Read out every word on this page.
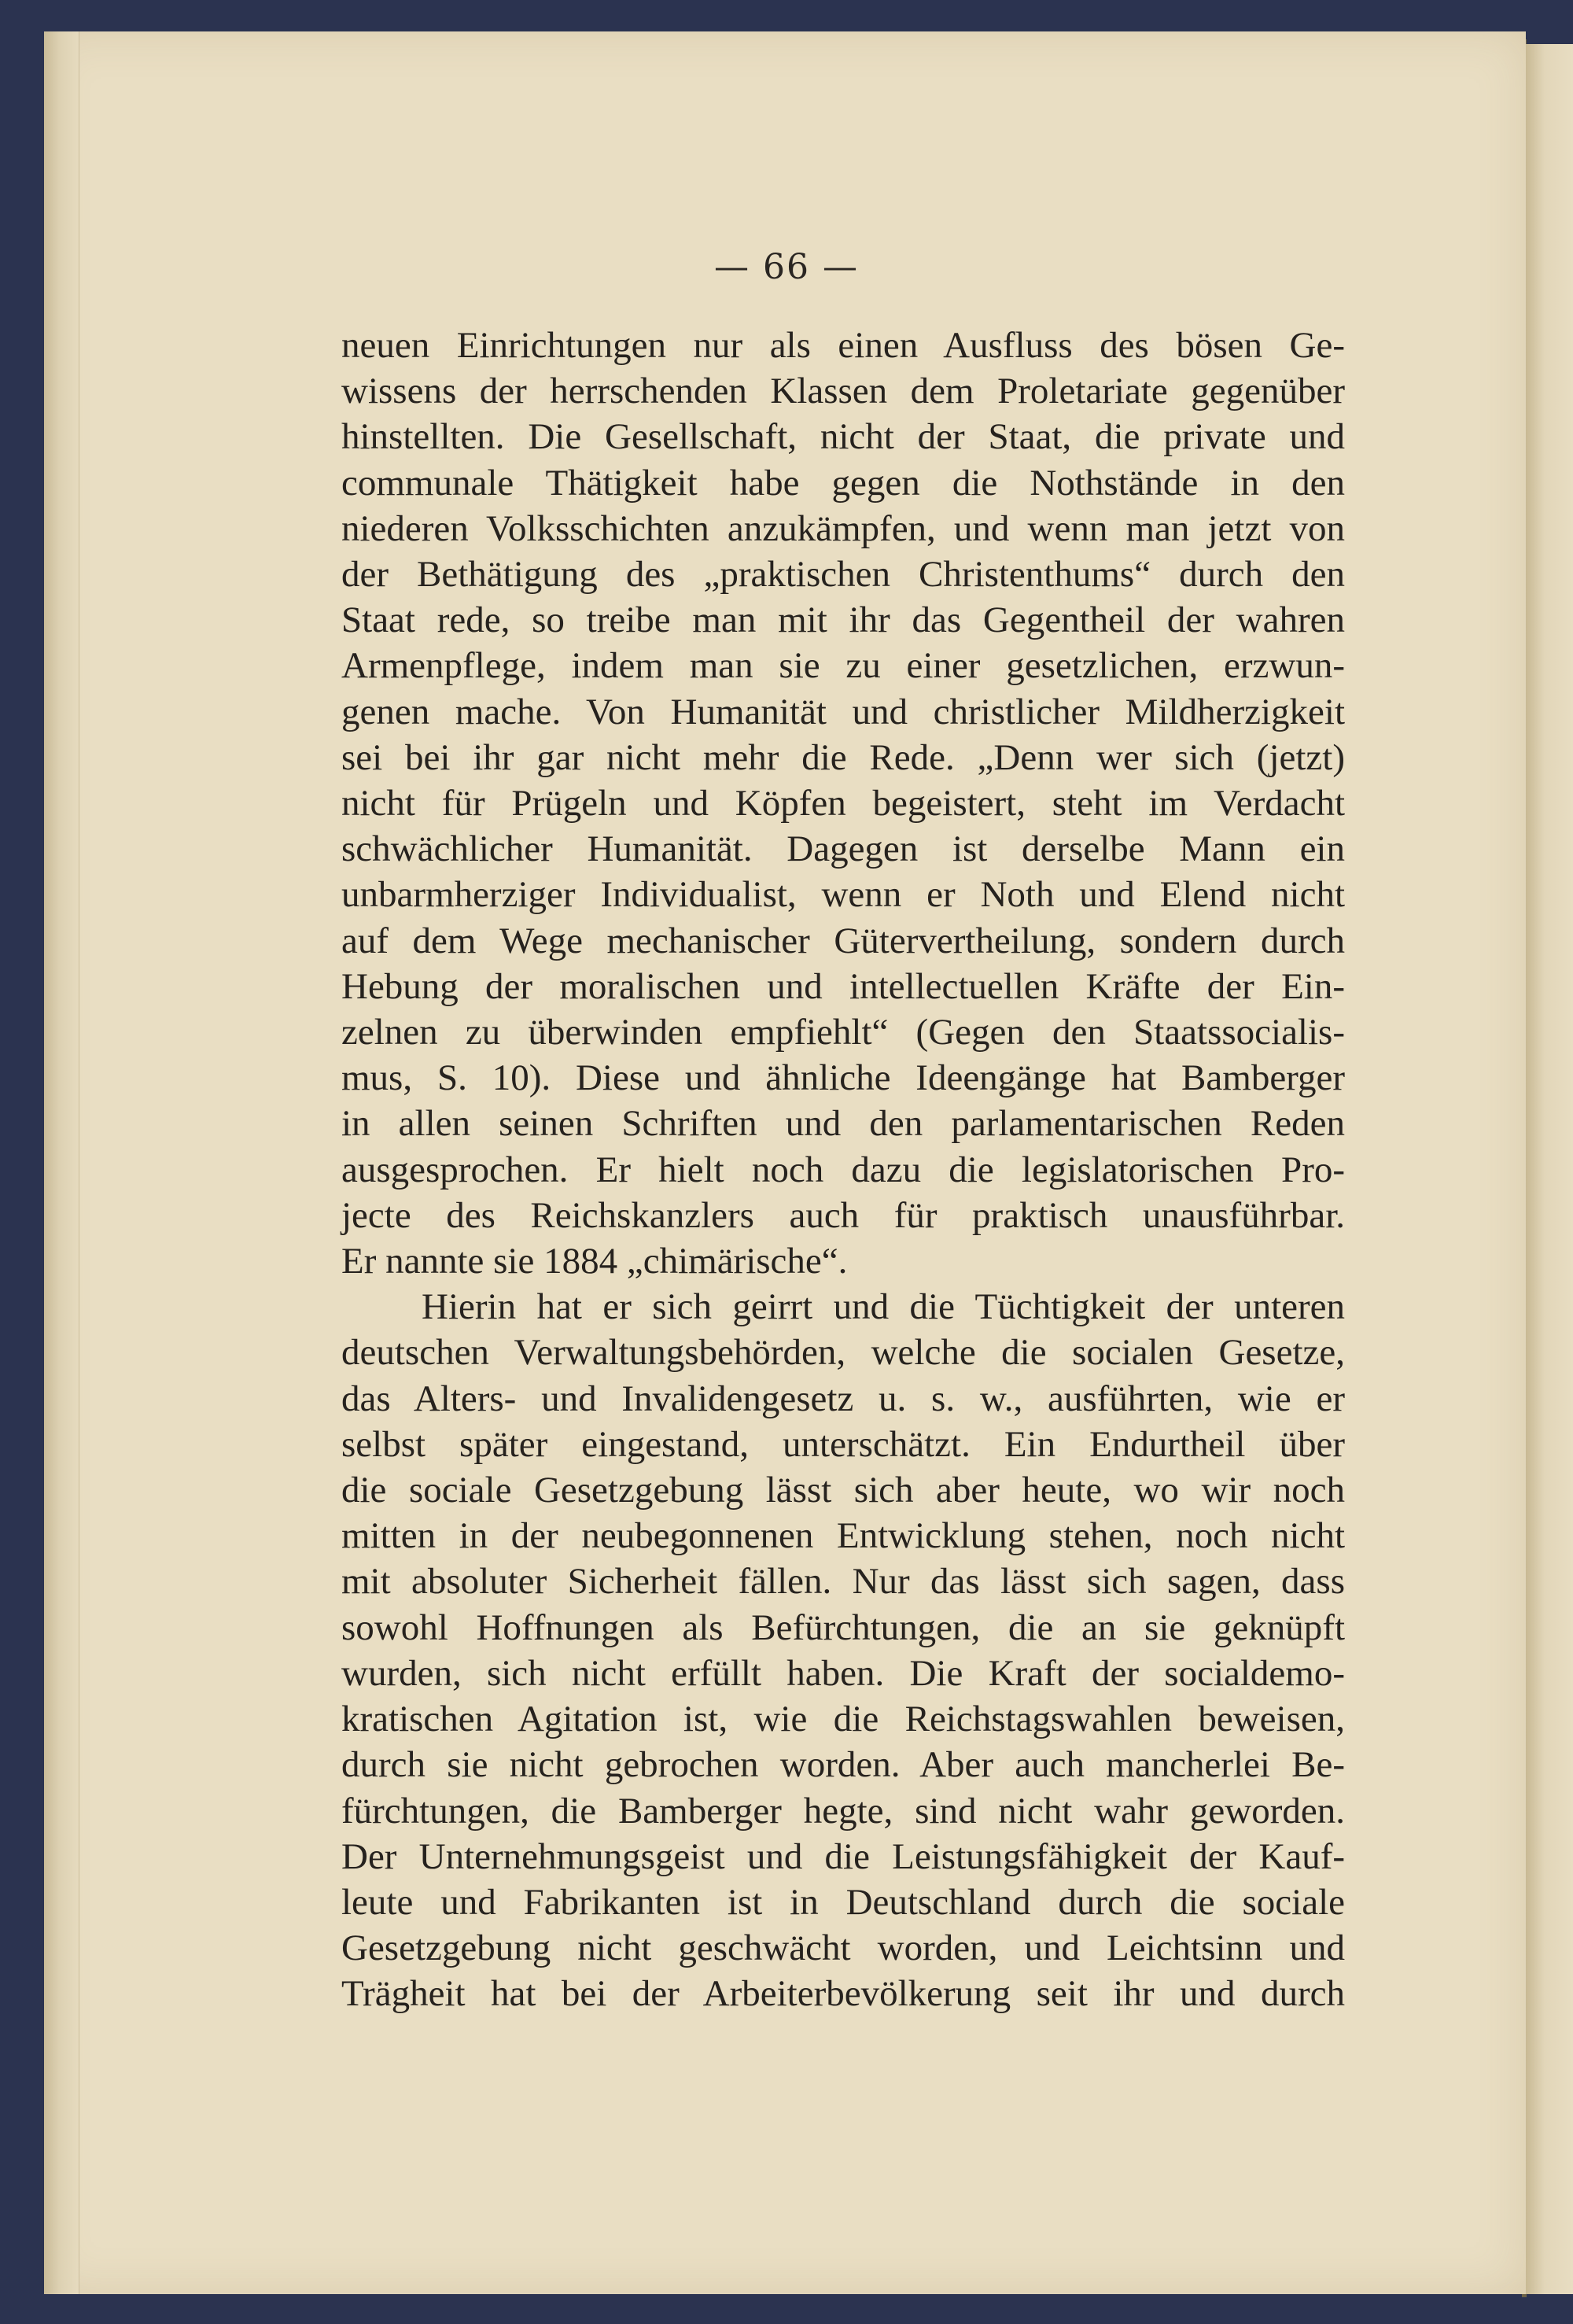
— 66 —
neuen Einrichtungen nur als einen Ausfluss des bösen Ge-
wissens der herrschenden Klassen dem Proletariate gegenüber
hinstellten. Die Gesellschaft, nicht der Staat, die private und
communale Thätigkeit habe gegen die Nothstände in den
niederen Volksschichten anzukämpfen, und wenn man jetzt von
der Bethätigung des „praktischen Christenthums“ durch den
Staat rede, so treibe man mit ihr das Gegentheil der wahren
Armenpflege, indem man sie zu einer gesetzlichen, erzwun-
genen mache. Von Humanität und christlicher Mildherzigkeit
sei bei ihr gar nicht mehr die Rede. „Denn wer sich (jetzt)
nicht für Prügeln und Köpfen begeistert, steht im Verdacht
schwächlicher Humanität. Dagegen ist derselbe Mann ein
unbarmherziger Individualist, wenn er Noth und Elend nicht
auf dem Wege mechanischer Gütervertheilung, sondern durch
Hebung der moralischen und intellectuellen Kräfte der Ein-
zelnen zu überwinden empfiehlt“ (Gegen den Staatssocialis-
mus, S. 10). Diese und ähnliche Ideengänge hat Bamberger
in allen seinen Schriften und den parlamentarischen Reden
ausgesprochen. Er hielt noch dazu die legislatorischen Pro-
jecte des Reichskanzlers auch für praktisch unausführbar.
Er nannte sie 1884 „chimärische“.
Hierin hat er sich geirrt und die Tüchtigkeit der unteren
deutschen Verwaltungsbehörden, welche die socialen Gesetze,
das Alters- und Invalidengesetz u. s. w., ausführten, wie er
selbst später eingestand, unterschätzt. Ein Endurtheil über
die sociale Gesetzgebung lässt sich aber heute, wo wir noch
mitten in der neubegonnenen Entwicklung stehen, noch nicht
mit absoluter Sicherheit fällen. Nur das lässt sich sagen, dass
sowohl Hoffnungen als Befürchtungen, die an sie geknüpft
wurden, sich nicht erfüllt haben. Die Kraft der socialdemo-
kratischen Agitation ist, wie die Reichstagswahlen beweisen,
durch sie nicht gebrochen worden. Aber auch mancherlei Be-
fürchtungen, die Bamberger hegte, sind nicht wahr geworden.
Der Unternehmungsgeist und die Leistungsfähigkeit der Kauf-
leute und Fabrikanten ist in Deutschland durch die sociale
Gesetzgebung nicht geschwächt worden, und Leichtsinn und
Trägheit hat bei der Arbeiterbevölkerung seit ihr und durch
